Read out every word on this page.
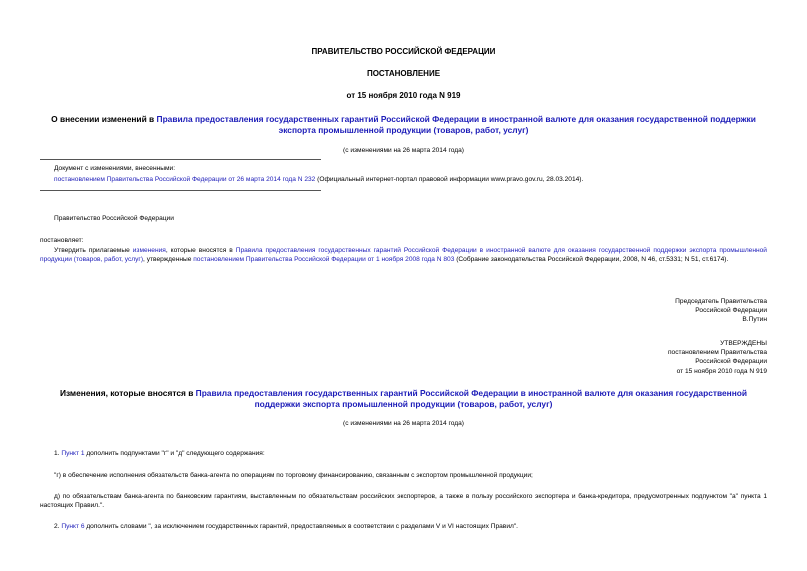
ПРАВИТЕЛЬСТВО РОССИЙСКОЙ ФЕДЕРАЦИИ
ПОСТАНОВЛЕНИЕ
от 15 ноября 2010 года N 919
О внесении изменений в Правила предоставления государственных гарантий Российской Федерации в иностранной валюте для оказания государственной поддержки экспорта промышленной продукции (товаров, работ, услуг)
(с изменениями на 26 марта 2014 года)
Документ с изменениями, внесенными:
постановлением Правительства Российской Федерации от 26 марта 2014 года N 232 (Официальный интернет-портал правовой информации www.pravo.gov.ru, 28.03.2014).
Правительство Российской Федерации
постановляет:
Утвердить прилагаемые изменения, которые вносятся в Правила предоставления государственных гарантий Российской Федерации в иностранной валюте для оказания государственной поддержки экспорта промышленной продукции (товаров, работ, услуг), утвержденные постановлением Правительства Российской Федерации от 1 ноября 2008 года N 803 (Собрание законодательства Российской Федерации, 2008, N 46, ст.5331; N 51, ст.6174).
Председатель Правительства
Российской Федерации
В.Путин
УТВЕРЖДЕНЫ
постановлением Правительства
Российской Федерации
от 15 ноября 2010 года N 919
Изменения, которые вносятся в Правила предоставления государственных гарантий Российской Федерации в иностранной валюте для оказания государственной поддержки экспорта промышленной продукции (товаров, работ, услуг)
(с изменениями на 26 марта 2014 года)
1. Пункт 1 дополнить подпунктами "г" и "д" следующего содержания:
"г) в обеспечение исполнения обязательств банка-агента по операциям по торговому финансированию, связанным с экспортом промышленной продукции;
д) по обязательствам банка-агента по банковским гарантиям, выставленным по обязательствам российских экспортеров, а также в пользу российского экспортера и банка-кредитора, предусмотренных подпунктом "а" пункта 1 настоящих Правил.".
2. Пункт 6 дополнить словами ", за исключением государственных гарантий, предоставляемых в соответствии с разделами V и VI настоящих Правил".
